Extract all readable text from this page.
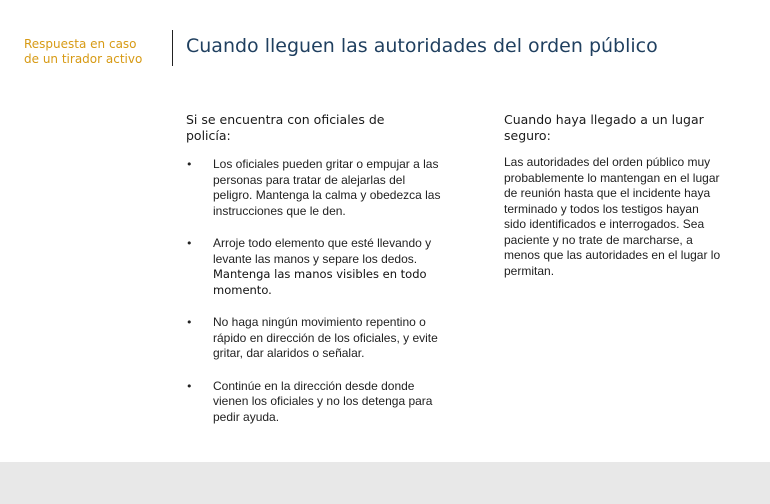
Respuesta en caso de un tirador activo
Cuando lleguen las autoridades del orden público

Si se encuentra con oficiales de policía:

•	Los oficiales pueden gritar o empujar a las personas para tratar de alejarlas del peligro. Mantenga la calma y obedezca las instrucciones que le den.
•	Arroje todo elemento que esté llevando y levante las manos y separe los dedos. Mantenga las manos visibles en todo momento.
•	No haga ningún movimiento repentino o rápido en dirección de los oficiales, y evite gritar, dar alaridos o señalar.
•	Continúe en la dirección desde donde vienen los oficiales y no los detenga para pedir ayuda.

Cuando haya llegado a un lugar seguro:

Las autoridades del orden público muy probablemente lo mantengan en el lugar de reunión hasta que el incidente haya terminado y todos los testigos hayan sido identificados e interrogados. Sea paciente y no trate de marcharse, a menos que las autoridades en el lugar lo permitan.
